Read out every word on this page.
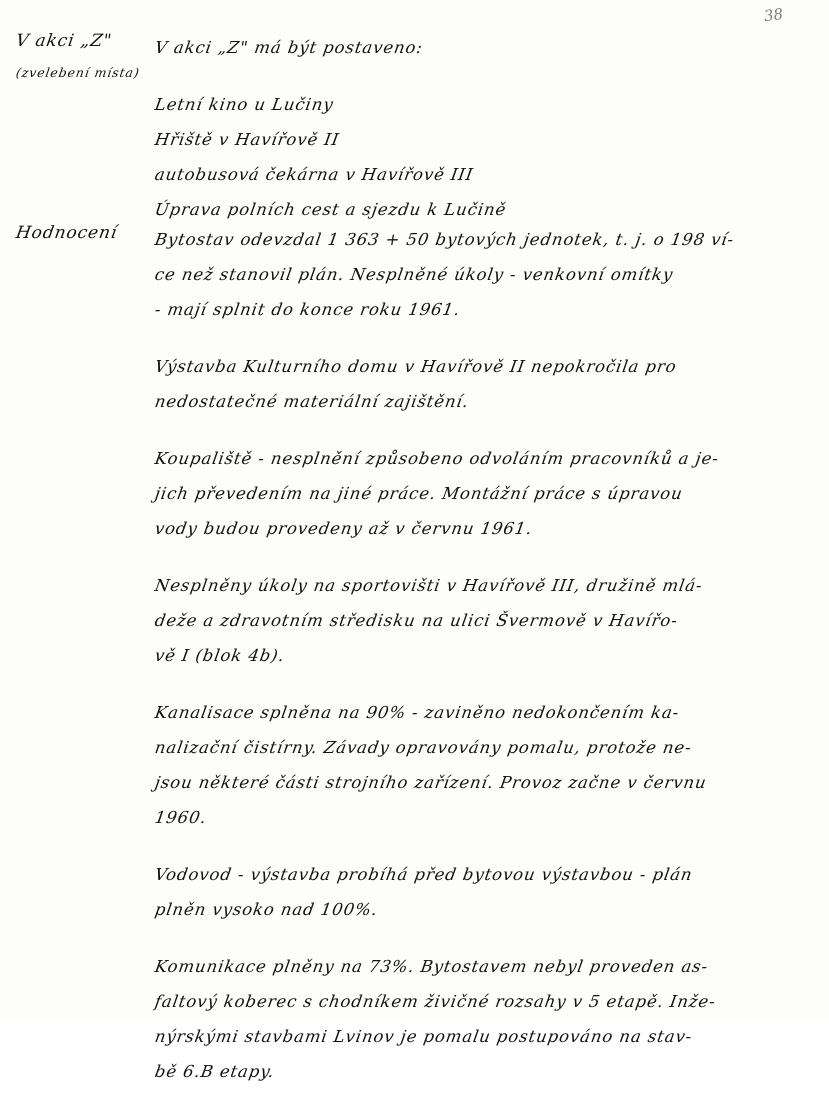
38
V akci „Z"
(zvelebení místa)
V akci „Z" má být postaveno:
Letní kino u Lučiny
Hřiště v Havířově II
autobusová čekárna v Havířově III
Úprava polních cest a sjezdu k Lučině
Hodnocení	Bytostav odevzdal 1 363 + 50 bytových jednotek, t. j. o 198 ví-
ce než stanovil plán. Nesplněné úkoly - venkovní omítky
- mají splnit do konce roku 1961.
Výstavba Kulturního domu v Havířově II nepokročila pro
nedostatečné materiální zajištění.
Koupaliště - nesplnění způsobeno odvoláním pracovníků a je-
jich převedením na jiné práce. Montážní práce s úpravou
vody budou provedeny až v červnu 1961.
Nesplněny úkoly na sportovišti v Havířově III, družině mlá-
deže a zdravotním středisku na ulici Švermově v Havířo-
vě I (blok 4b).
Kanalisace splněna na 90% - zaviněno nedokončením ka-
nalizační čistírny. Závady opravovány pomalu, protože ne-
jsou některé části strojního zařízení. Provoz začne v červnu
1960.
Vodovod - výstavba probíhá před bytovou výstavbou - plán
plněn vysoko nad 100%.
Komunikace plněny na 73%. Bytostavem nebyl proveden as-
faltový koberec s chodníkem živičné rozsahy v 5 etapě. Inže-
nýrskými stavbami Lvinov je pomalu postupováno na stav-
bě 6.B etapy.
